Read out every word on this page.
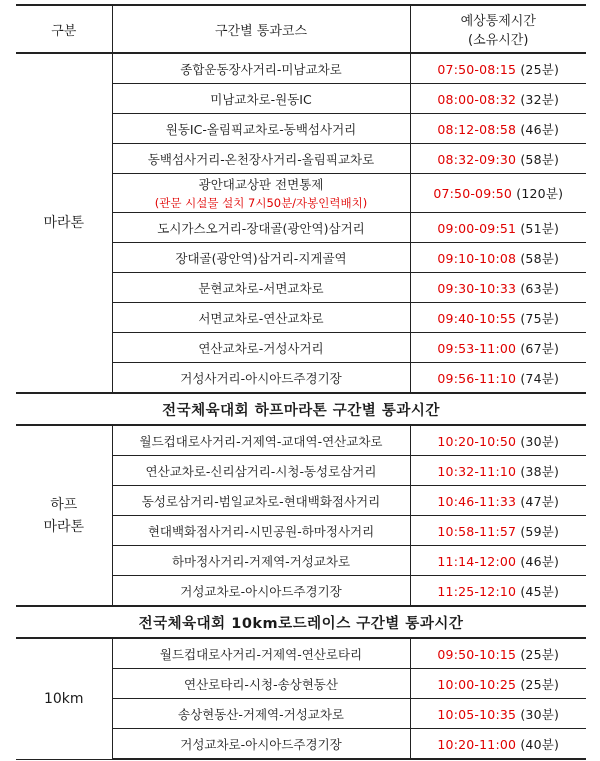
구분	구간별 통과코스	예상통제시간
(소유시간)

마라톤	종합운동장사거리-미남교차로	07:50-08:15 (25분)
	미남교차로-원동IC	08:00-08:32 (32분)
	원동IC-올림픽교차로-동백섬사거리	08:12-08:58 (46분)
	동백섬사거리-온천장사거리-올림픽교차로	08:32-09:30 (58분)

	광안대교상판 전면통제
(관문 시설물 설치 7시50분/자봉인력배치)	07:50-09:50 (120분)
	도시가스오거리-장대골(광안역)삼거리	09:00-09:51 (51분)
	장대골(광안역)삼거리-지게골역	09:10-10:08 (58분)
	문현교차로-서면교차로	09:30-10:33 (63분)
	서면교차로-연산교차로	09:40-10:55 (75분)
	연산교차로-거성사거리	09:53-11:00 (67분)
	거성사거리-아시아드주경기장	09:56-11:10 (74분)
전국체육대회 하프마라톤 구간별 통과시간		

하프
마라톤	월드컵대로사거리-거제역-교대역-연산교차로	10:20-10:50 (30분)
	연산교차로-신리삼거리-시청-동성로삼거리	10:32-11:10 (38분)
	동성로삼거리-범일교차로-현대백화점사거리	10:46-11:33 (47분)
	현대백화점사거리-시민공원-하마정사거리	10:58-11:57 (59분)
	하마정사거리-거제역-거성교차로	11:14-12:00 (46분)
	거성교차로-아시아드주경기장	11:25-12:10 (45분)
전국체육대회 10km로드레이스 구간별 통과시간		
10km	월드컵대로사거리-거제역-연산로타리	09:50-10:15 (25분)
	연산로타리-시청-송상현동산	10:00-10:25 (25분)
	송상현동산-거제역-거성교차로	10:05-10:35 (30분)
	거성교차로-아시아드주경기장	10:20-11:00 (40분)
